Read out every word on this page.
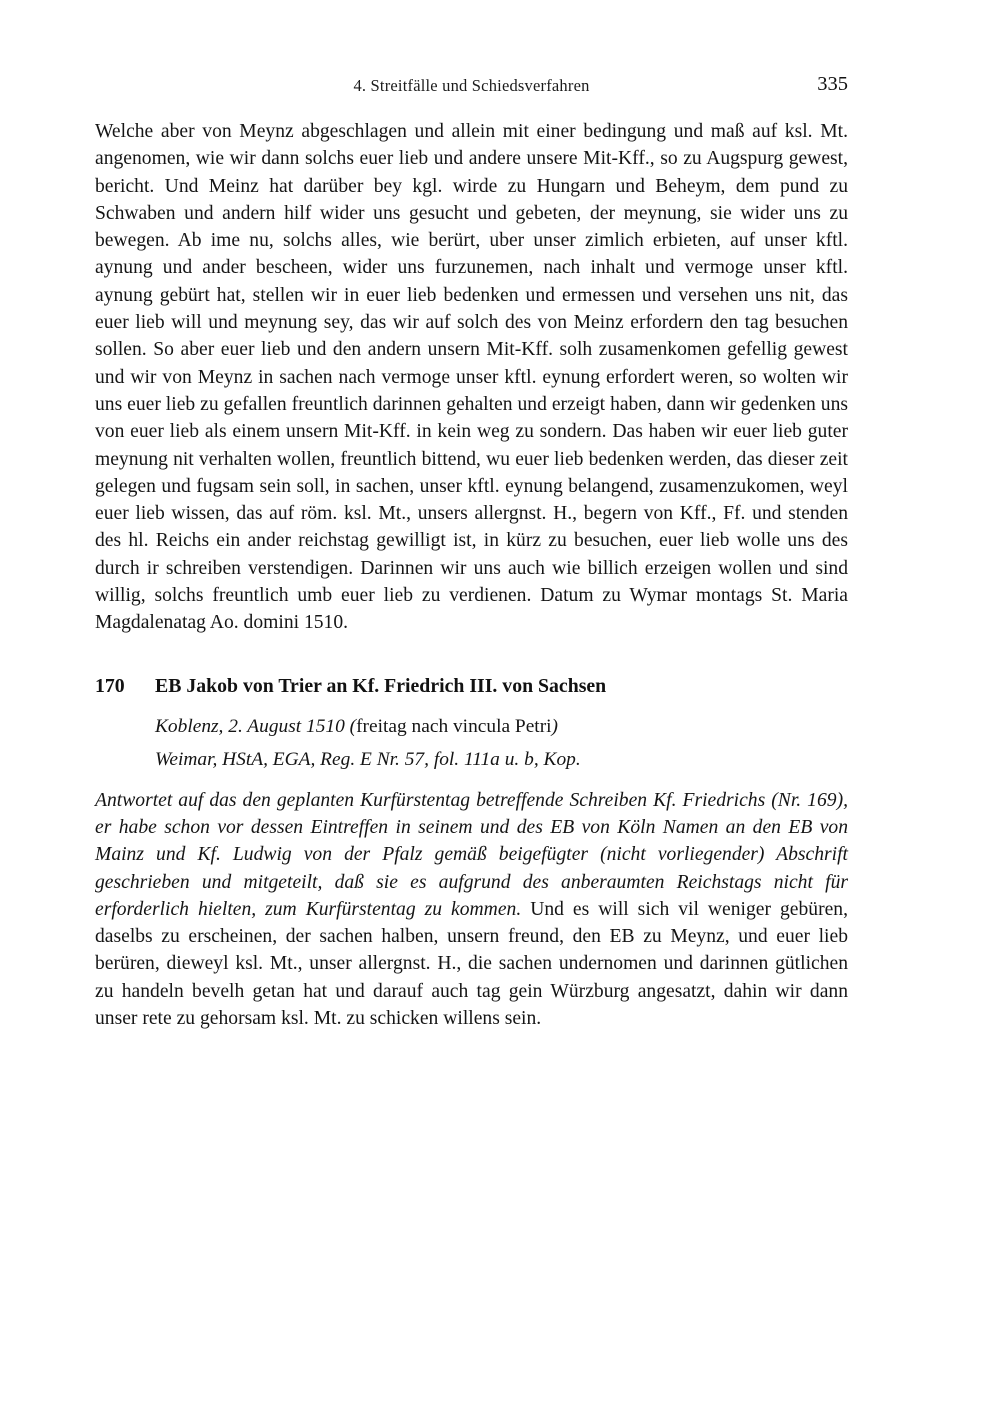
4. Streitfälle und Schiedsverfahren	335

Welche aber von Meynz abgeschlagen und allein mit einer bedingung und maß auf ksl. Mt. angenomen, wie wir dann solchs euer lieb und andere unsere Mit-Kff., so zu Augspurg gewest, bericht. Und Meinz hat darüber bey kgl. wirde zu Hungarn und Beheym, dem pund zu Schwaben und andern hilf wider uns gesucht und gebeten, der meynung, sie wider uns zu bewegen. Ab ime nu, solchs alles, wie berürt, uber unser zimlich erbieten, auf unser kftl. aynung und ander bescheen, wider uns furzunemen, nach inhalt und vermoge unser kftl. aynung gebürt hat, stellen wir in euer lieb bedenken und ermessen und versehen uns nit, das euer lieb will und meynung sey, das wir auf solch des von Meinz erfordern den tag besuchen sollen. So aber euer lieb und den andern unsern Mit-Kff. solh zusamenkomen gefellig gewest und wir von Meynz in sachen nach vermoge unser kftl. eynung erfordert weren, so wolten wir uns euer lieb zu gefallen freuntlich darinnen gehalten und erzeigt haben, dann wir gedenken uns von euer lieb als einem unsern Mit-Kff. in kein weg zu sondern. Das haben wir euer lieb guter meynung nit verhalten wollen, freuntlich bittend, wu euer lieb bedenken werden, das dieser zeit gelegen und fugsam sein soll, in sachen, unser kftl. eynung belangend, zusamenzukomen, weyl euer lieb wissen, das auf röm. ksl. Mt., unsers allergnst. H., begern von Kff., Ff. und stenden des hl. Reichs ein ander reichstag gewilligt ist, in kürz zu besuchen, euer lieb wolle uns des durch ir schreiben verstendigen. Darinnen wir uns auch wie billich erzeigen wollen und sind willig, solchs freuntlich umb euer lieb zu verdienen. Datum zu Wymar montags St. Maria Magdalenatag Ao. domini 1510.

170	EB Jakob von Trier an Kf. Friedrich III. von Sachsen

Koblenz, 2. August 1510 (freitag nach vincula Petri)

Weimar, HStA, EGA, Reg. E Nr. 57, fol. 111a u. b, Kop.

Antwortet auf das den geplanten Kurfürstentag betreffende Schreiben Kf. Friedrichs (Nr. 169), er habe schon vor dessen Eintreffen in seinem und des EB von Köln Namen an den EB von Mainz und Kf. Ludwig von der Pfalz gemäß beigefügter (nicht vorliegender) Abschrift geschrieben und mitgeteilt, daß sie es aufgrund des anberaumten Reichstags nicht für erforderlich hielten, zum Kurfürstentag zu kommen. Und es will sich vil weniger gebüren, daselbs zu erscheinen, der sachen halben, unsern freund, den EB zu Meynz, und euer lieb berüren, dieweyl ksl. Mt., unser allergnst. H., die sachen undernomen und darinnen gütlichen zu handeln bevelh getan hat und darauf auch tag gein Würzburg angesatzt, dahin wir dann unser rete zu gehorsam ksl. Mt. zu schicken willens sein.
